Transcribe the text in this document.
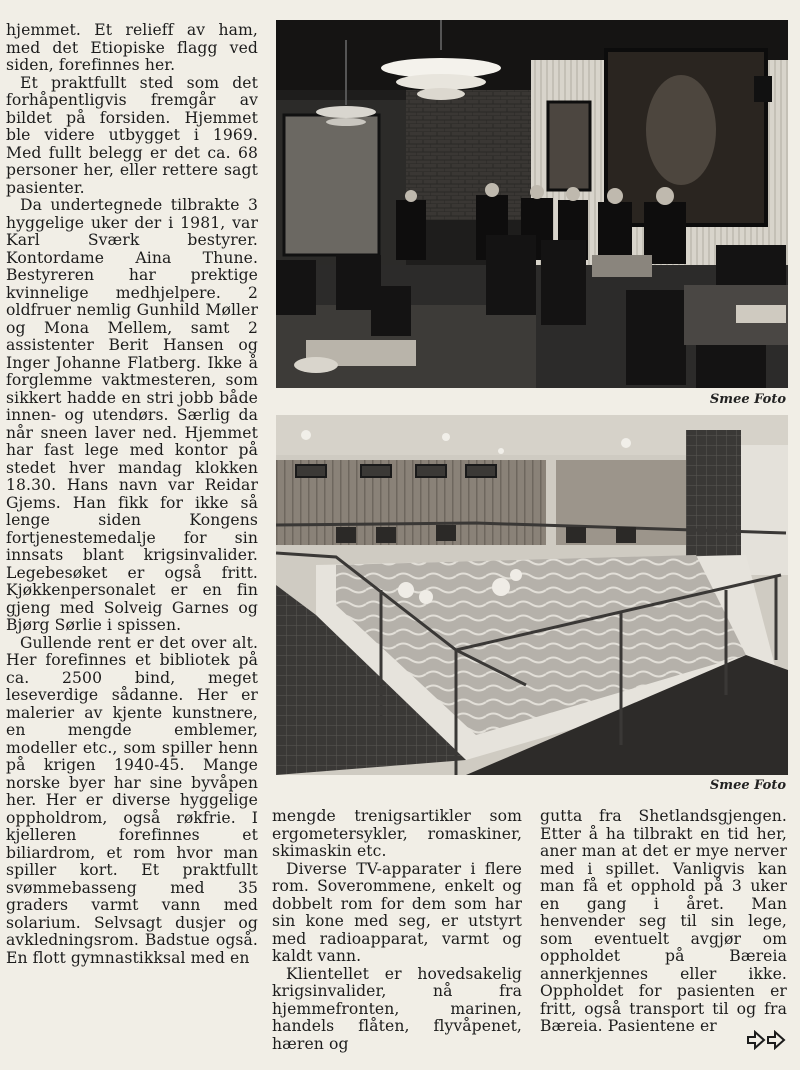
hjemmet. Et relieff av ham, med det Etiopiske flagg ved siden, forefinnes her.

Et praktfullt sted som det forhåpentligvis fremgår av bildet på forsiden. Hjemmet ble videre utbygget i 1969. Med fullt belegg er det ca. 68 personer her, eller rettere sagt pasienter.

Da undertegnede tilbrakte 3 hyggelige uker der i 1981, var Karl Sværk bestyrer. Kontordame Aina Thune. Bestyreren har prektige kvinnelige medhjelpere. 2 oldfruer nemlig Gunhild Møller og Mona Mellem, samt 2 assistenter Berit Hansen og Inger Johanne Flatberg. Ikke å forglemme vaktmesteren, som sikkert hadde en stri jobb både innen- og utendørs. Særlig da når sneen laver ned. Hjemmet har fast lege med kontor på stedet hver mandag klokken 18.30. Hans navn var Reidar Gjems. Han fikk for ikke så lenge siden Kongens fortjenestemedalje for sin innsats blant krigsinvalider. Legebesøket er også fritt. Kjøkkenpersonalet er en fin gjeng med Solveig Garnes og Bjørg Sørlie i spissen.

Gullende rent er det over alt. Her forefinnes et bibliotek på ca. 2500 bind, meget leseverdige sådanne. Her er malerier av kjente kunstnere, en mengde emblemer, modeller etc., som spiller henn på krigen 1940-45. Mange norske byer har sine byvåpen her. Her er diverse hyggelige oppholdrom, også røkfrie. I kjelleren forefinnes et biliardrom, et rom hvor man spiller kort. Et praktfullt svømmebasseng med 35 graders varmt vann med solarium. Selvsagt dusjer og avkledningsrom. Badstue også. En flott gymnastikksal med en

Smee Foto
Smee Foto

mengde trenigsartikler som ergometersykler, romaskiner, skimaskin etc.

Diverse TV-apparater i flere rom. Soverommene, enkelt og dobbelt rom for dem som har sin kone med seg, er utstyrt med radioapparat, varmt og kaldt vann.

Klientellet er hovedsakelig krigsinvalider, nå fra hjemmefronten, marinen, handels flåten, flyvåpenet, hæren og

gutta fra Shetlandsgjengen. Etter å ha tilbrakt en tid her, aner man at det er mye nerver med i spillet. Vanligvis kan man få et opphold på 3 uker en gang i året. Man henvender seg til sin lege, som eventuelt avgjør om oppholdet på Bæreia annerkjennes eller ikke. Oppholdet for pasienten er fritt, også transport til og fra Bæreia. Pasientene er
